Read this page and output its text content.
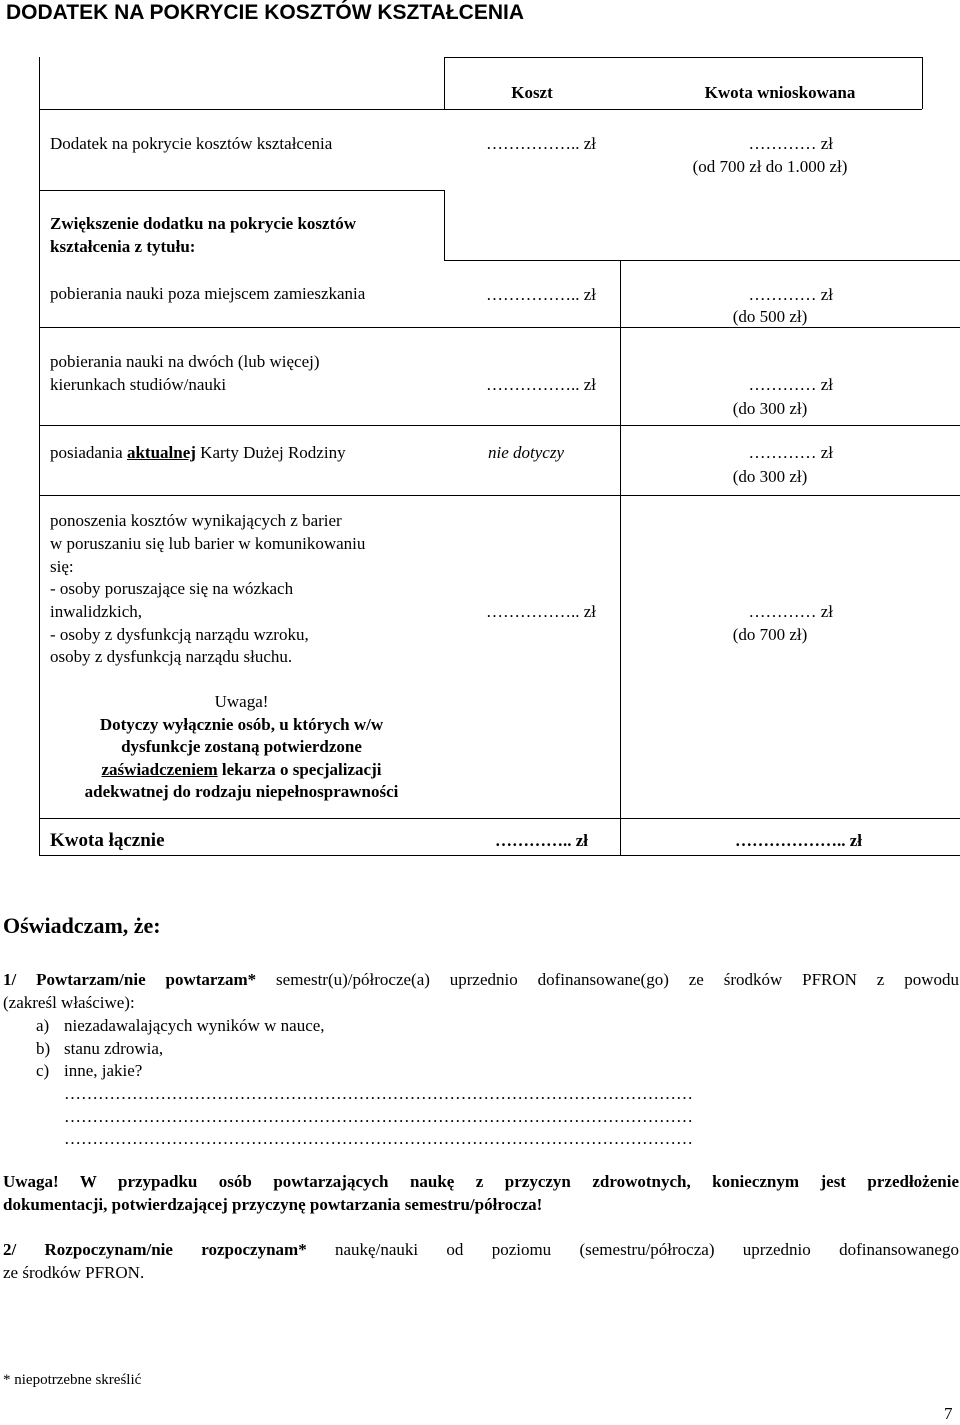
DODATEK NA POKRYCIE KOSZTÓW KSZTAŁCENIA
Koszt	Kwota wnioskowana
Dodatek na pokrycie kosztów kształcenia	…………….. zł	………… zł
(od 700 zł do 1.000 zł)
Zwiększenie dodatku na pokrycie kosztów
kształcenia z tytułu:
pobierania nauki poza miejscem zamieszkania	…………….. zł	………… zł
(do 500 zł)
pobierania nauki na dwóch (lub więcej)
kierunkach studiów/nauki	…………….. zł	………… zł
(do 300 zł)
posiadania aktualnej Karty Dużej Rodziny	nie dotyczy	………… zł
(do 300 zł)
ponoszenia kosztów wynikających z barier
w poruszaniu się lub barier w komunikowaniu
się:
- osoby poruszające się na wózkach
inwalidzkich,
- osoby z dysfunkcją narządu wzroku,
osoby z dysfunkcją narządu słuchu.
…………….. zł	………… zł
(do 700 zł)
Uwaga!
Dotyczy wyłącznie osób, u których w/w
dysfunkcje zostaną potwierdzone
zaświadczeniem lekarza o specjalizacji
adekwatnej do rodzaju niepełnosprawności
Kwota łącznie	………….. zł	……………….. zł
Oświadczam, że:
1/ Powtarzam/nie powtarzam* semestr(u)/półrocze(a) uprzednio dofinansowane(go) ze środków PFRON z powodu
(zakreśl właściwe):
a) niezadawalających wyników w nauce,
b) stanu zdrowia,
c) inne, jakie?
…………………………………………………………………………………………………
…………………………………………………………………………………………………
…………………………………………………………………………………………………
Uwaga! W przypadku osób powtarzających naukę z przyczyn zdrowotnych, koniecznym jest przedłożenie
dokumentacji, potwierdzającej przyczynę powtarzania semestru/półrocza!
2/ Rozpoczynam/nie rozpoczynam* naukę/nauki od poziomu (semestru/półrocza) uprzednio dofinansowanego
ze środków PFRON.
* niepotrzebne skreślić
7
